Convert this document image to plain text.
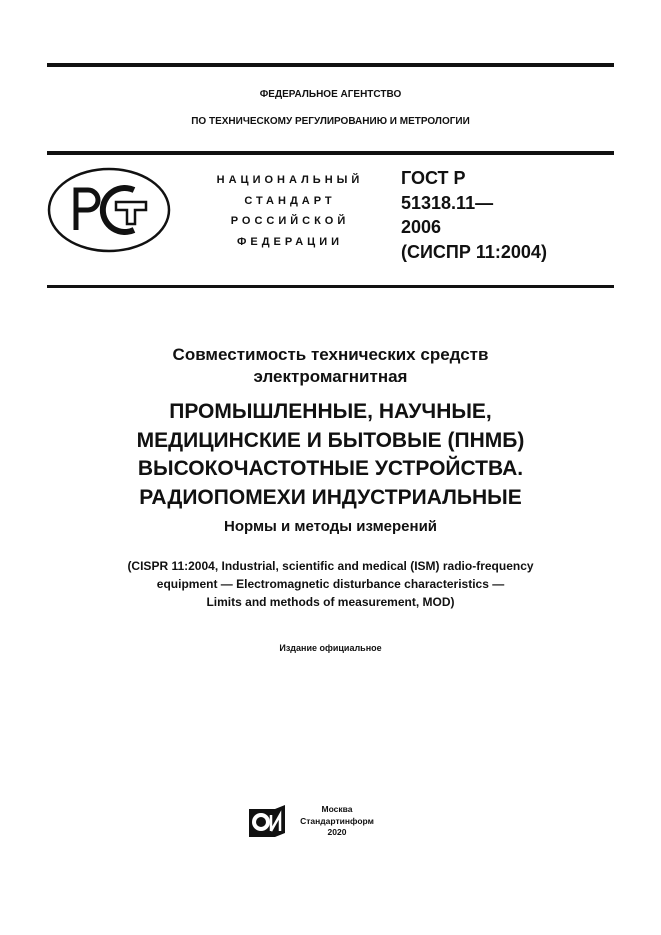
ФЕДЕРАЛЬНОЕ АГЕНТСТВО
ПО ТЕХНИЧЕСКОМУ РЕГУЛИРОВАНИЮ И МЕТРОЛОГИИ
НАЦИОНАЛЬНЫЙ
СТАНДАРТ
РОССИЙСКОЙ
ФЕДЕРАЦИИ
ГОСТ Р
51318.11—
2006
(СИСПР 11:2004)
Совместимость технических средств
электромагнитная
ПРОМЫШЛЕННЫЕ, НАУЧНЫЕ,
МЕДИЦИНСКИЕ И БЫТОВЫЕ (ПНМБ)
ВЫСОКОЧАСТОТНЫЕ УСТРОЙСТВА.
РАДИОПОМЕХИ ИНДУСТРИАЛЬНЫЕ
Нормы и методы измерений
(CISPR 11:2004, Industrial, scientific and medical (ISM) radio-frequency
equipment — Electromagnetic disturbance characteristics —
Limits and methods of measurement, MOD)
Издание официальное
Москва
Стандартинформ
2020
